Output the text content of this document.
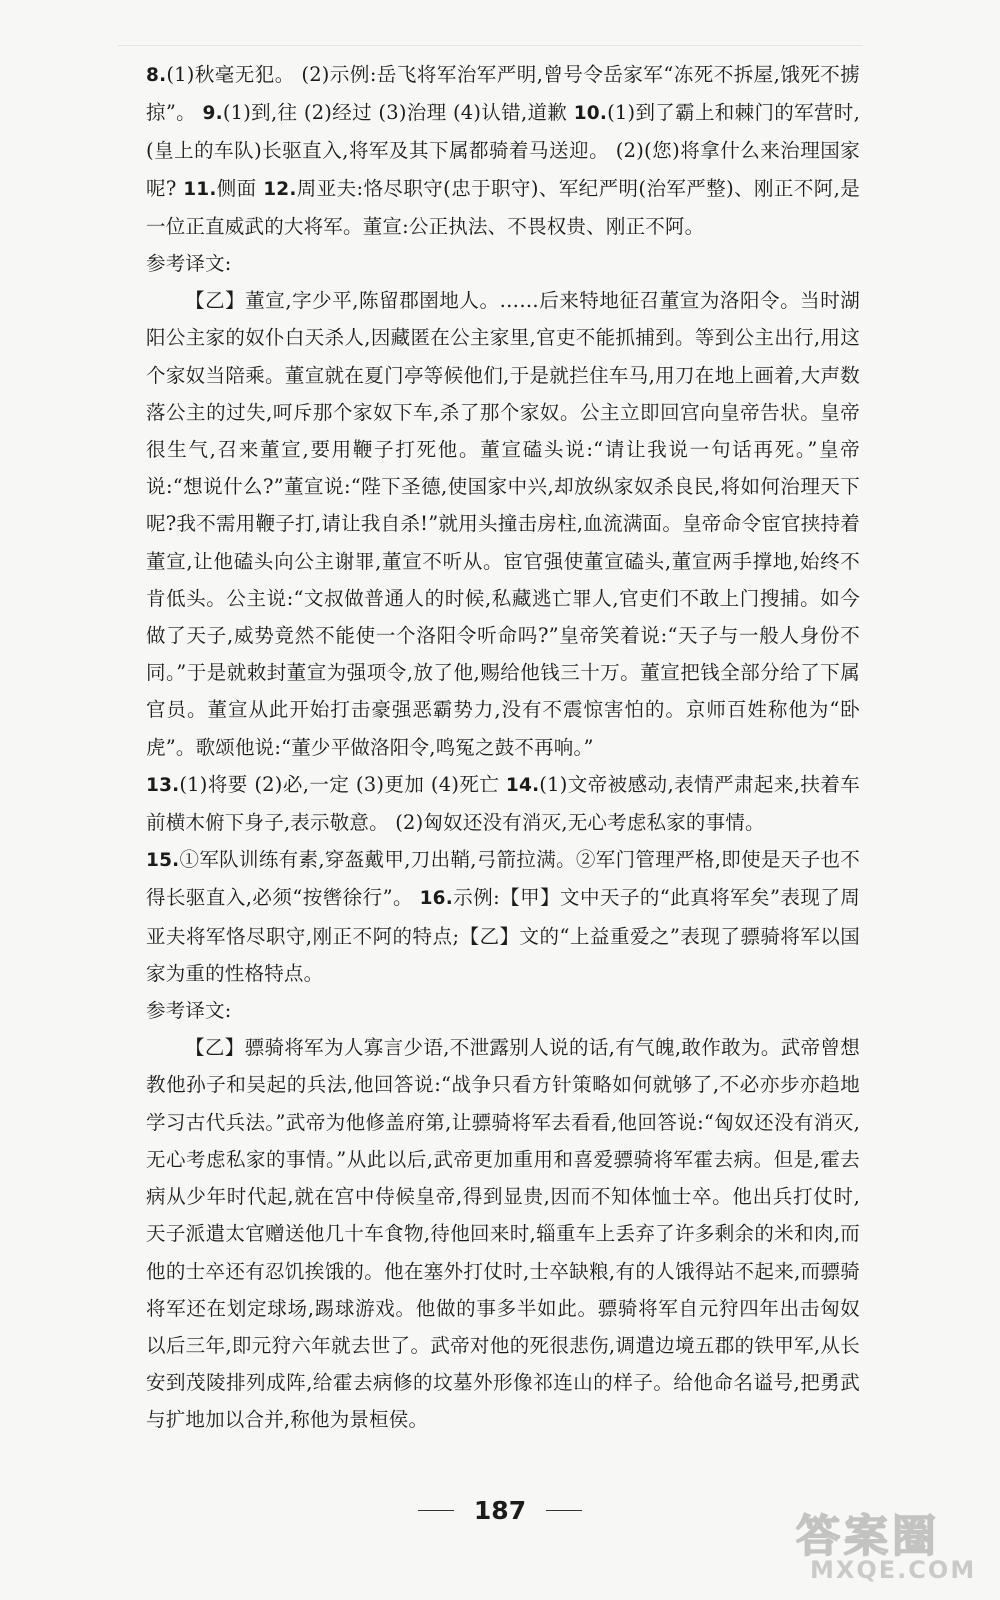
8.(1)秋毫无犯。 (2)示例:岳飞将军治军严明,曾号令岳家军“冻死不拆屋,饿死不掳掠”。 9.(1)到,往 (2)经过 (3)治理 (4)认错,道歉 10.(1)到了霸上和棘门的军营时,(皇上的车队)长驱直入,将军及其下属都骑着马送迎。 (2)(您)将拿什么来治理国家呢? 11.侧面 12.周亚夫:恪尽职守(忠于职守)、军纪严明(治军严整)、刚正不阿,是一位正直威武的大将军。董宣:公正执法、不畏权贵、刚正不阿。

参考译文:

【乙】董宣,字少平,陈留郡圉地人。……后来特地征召董宣为洛阳令。当时湖阳公主家的奴仆白天杀人,因藏匿在公主家里,官吏不能抓捕到。等到公主出行,用这个家奴当陪乘。董宣就在夏门亭等候他们,于是就拦住车马,用刀在地上画着,大声数落公主的过失,呵斥那个家奴下车,杀了那个家奴。公主立即回宫向皇帝告状。皇帝很生气,召来董宣,要用鞭子打死他。董宣磕头说:“请让我说一句话再死。”皇帝说:“想说什么?”董宣说:“陛下圣德,使国家中兴,却放纵家奴杀良民,将如何治理天下呢?我不需用鞭子打,请让我自杀!”就用头撞击房柱,血流满面。皇帝命令宦官挟持着董宣,让他磕头向公主谢罪,董宣不听从。宦官强使董宣磕头,董宣两手撑地,始终不肯低头。公主说:“文叔做普通人的时候,私藏逃亡罪人,官吏们不敢上门搜捕。如今做了天子,威势竟然不能使一个洛阳令听命吗?”皇帝笑着说:“天子与一般人身份不同。”于是就敕封董宣为强项令,放了他,赐给他钱三十万。董宣把钱全部分给了下属官员。董宣从此开始打击豪强恶霸势力,没有不震惊害怕的。京师百姓称他为“卧虎”。歌颂他说:“董少平做洛阳令,鸣冤之鼓不再响。”

13.(1)将要 (2)必,一定 (3)更加 (4)死亡 14.(1)文帝被感动,表情严肃起来,扶着车前横木俯下身子,表示敬意。 (2)匈奴还没有消灭,无心考虑私家的事情。

15.①军队训练有素,穿盔戴甲,刀出鞘,弓箭拉满。②军门管理严格,即使是天子也不得长驱直入,必须“按辔徐行”。 16.示例:【甲】文中天子的“此真将军矣”表现了周亚夫将军恪尽职守,刚正不阿的特点;【乙】文的“上益重爱之”表现了骠骑将军以国家为重的性格特点。

参考译文:

【乙】骠骑将军为人寡言少语,不泄露别人说的话,有气魄,敢作敢为。武帝曾想教他孙子和吴起的兵法,他回答说:“战争只看方针策略如何就够了,不必亦步亦趋地学习古代兵法。”武帝为他修盖府第,让骠骑将军去看看,他回答说:“匈奴还没有消灭,无心考虑私家的事情。”从此以后,武帝更加重用和喜爱骠骑将军霍去病。但是,霍去病从少年时代起,就在宫中侍候皇帝,得到显贵,因而不知体恤士卒。他出兵打仗时,天子派遣太官赠送他几十车食物,待他回来时,辎重车上丢弃了许多剩余的米和肉,而他的士卒还有忍饥挨饿的。他在塞外打仗时,士卒缺粮,有的人饿得站不起来,而骠骑将军还在划定球场,踢球游戏。他做的事多半如此。骠骑将军自元狩四年出击匈奴以后三年,即元狩六年就去世了。武帝对他的死很悲伤,调遣边境五郡的铁甲军,从长安到茂陵排列成阵,给霍去病修的坟墓外形像祁连山的样子。给他命名谥号,把勇武与扩地加以合并,称他为景桓侯。

187
答案圈
MXQE.COM
